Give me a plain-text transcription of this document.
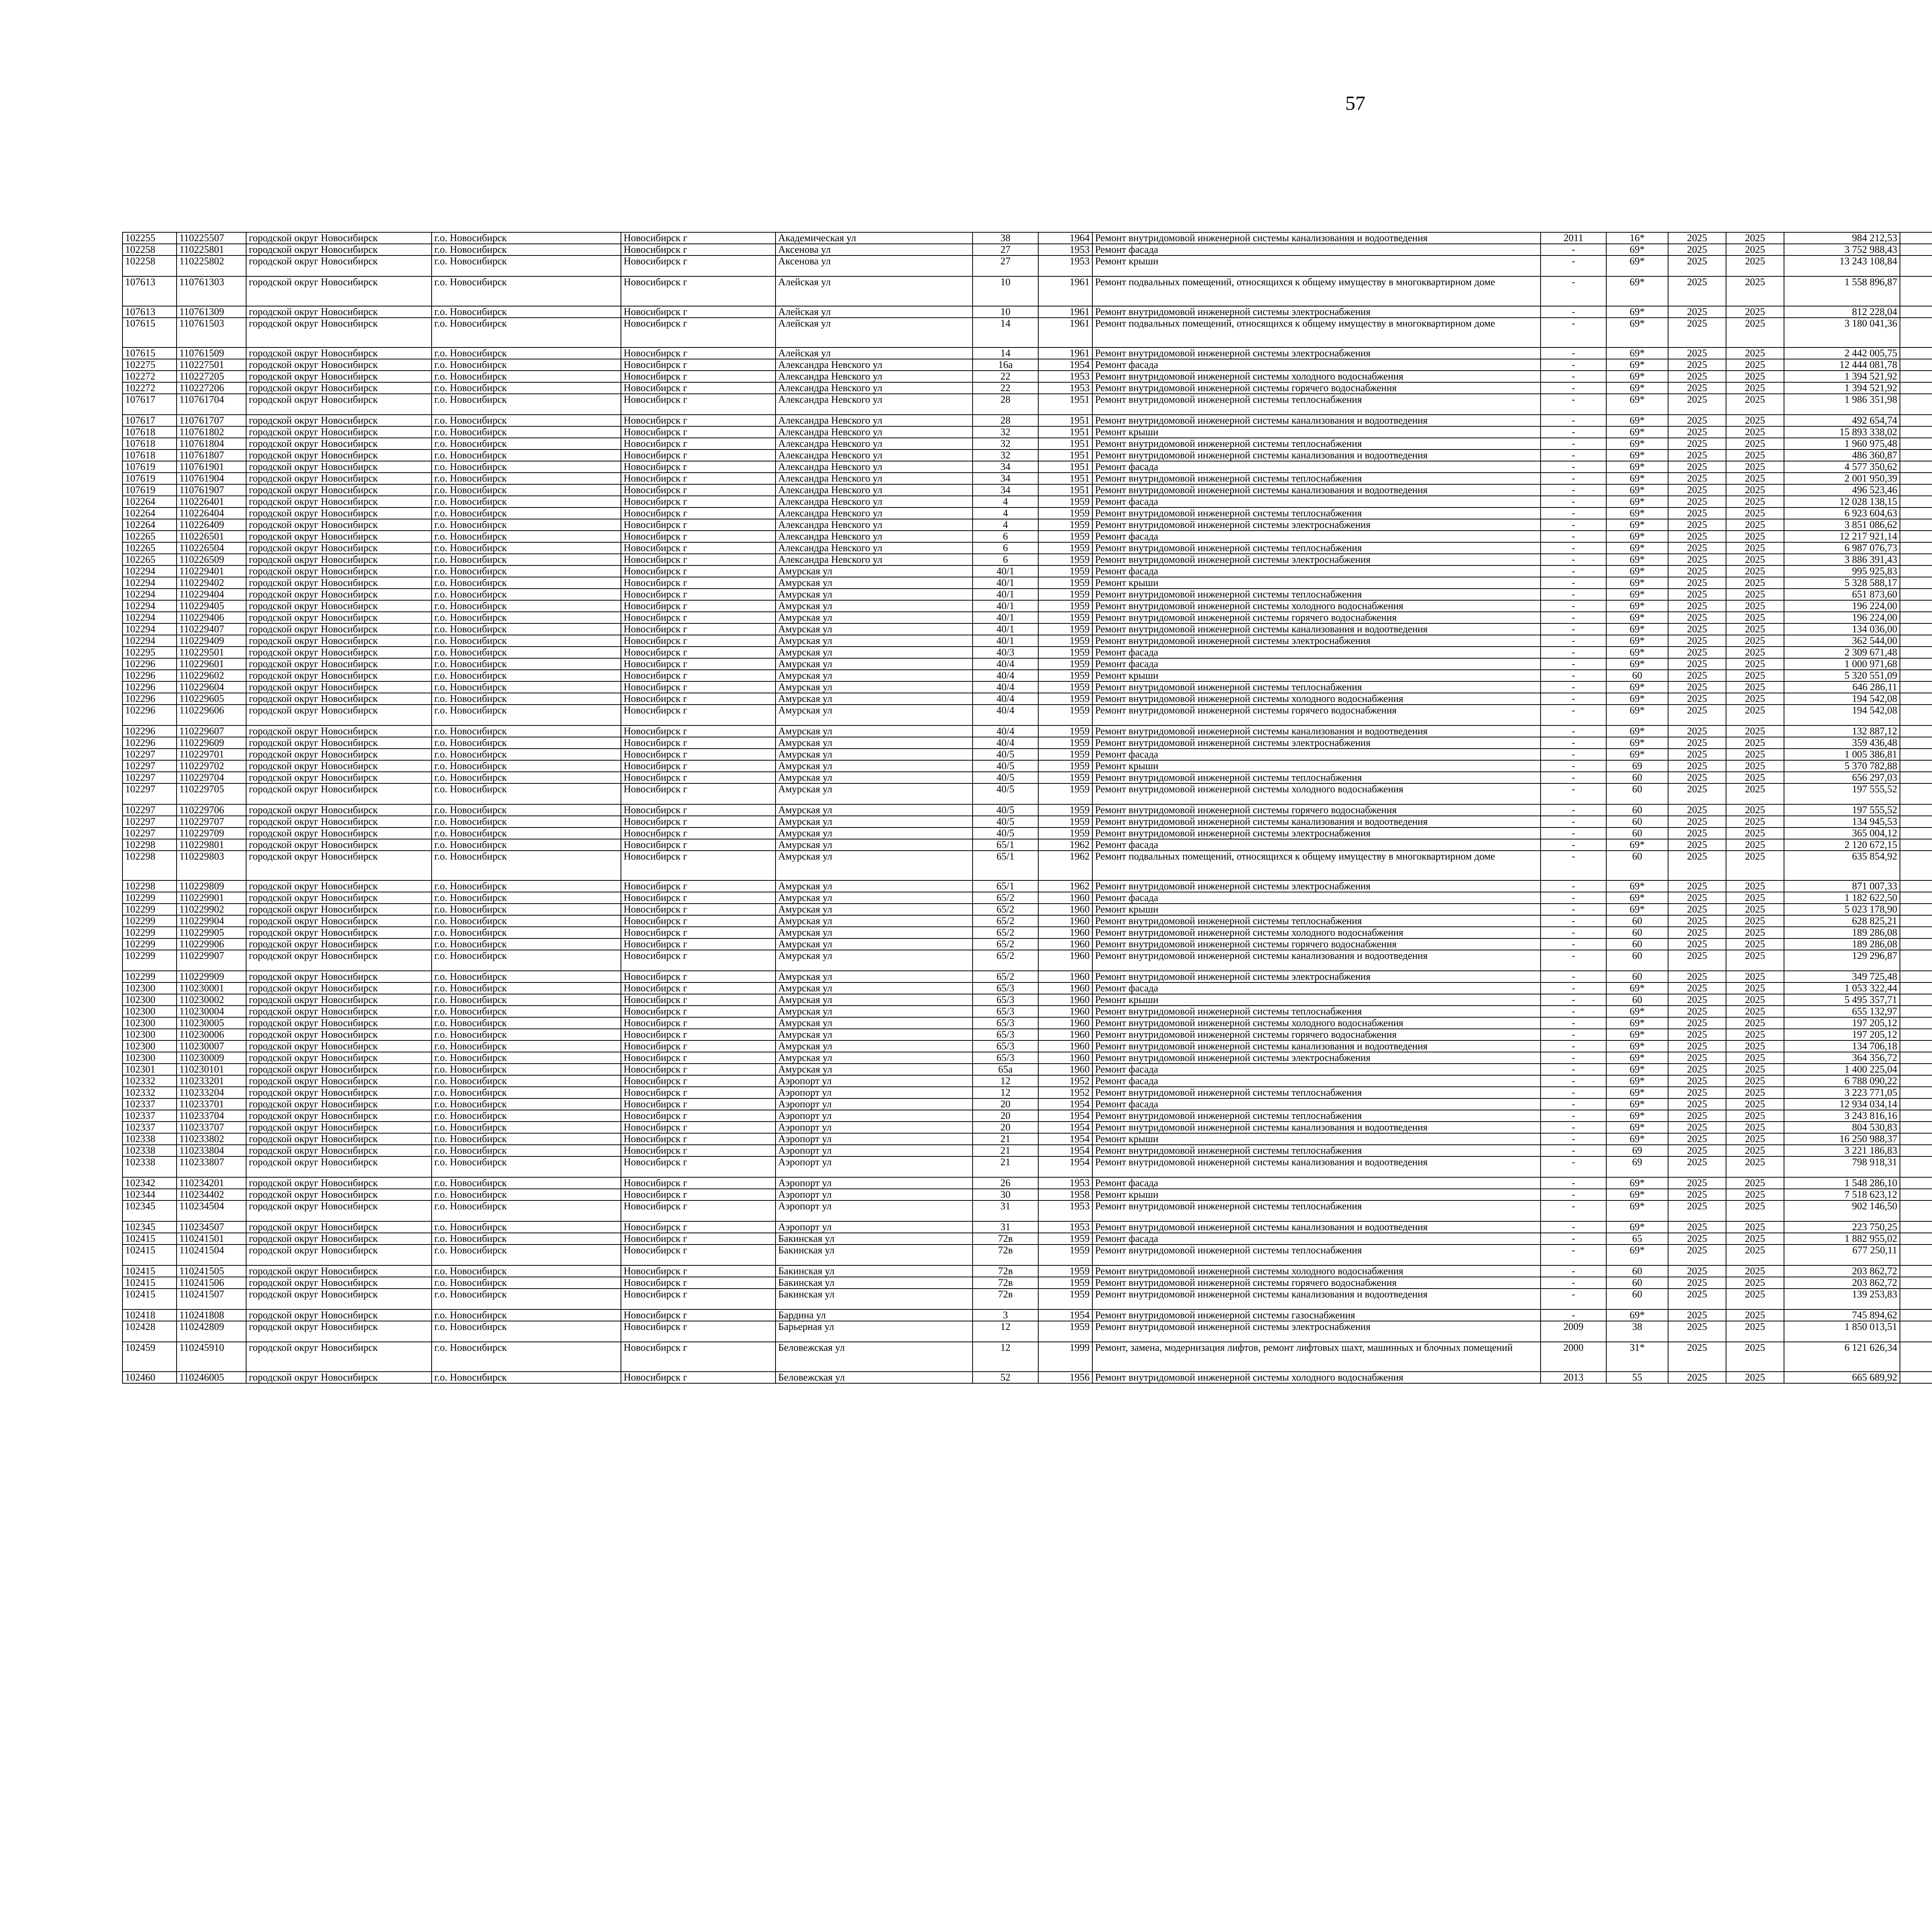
57
102255	110225507	городской округ Новосибирск	г.о. Новосибирск	Новосибирск г	Академическая ул	38	1964	Ремонт внутридомовой инженерной системы канализования и водоотведения	2011	16*	2025	2025	984 212,53							
102258	110225801	городской округ Новосибирск	г.о. Новосибирск	Новосибирск г	Аксенова ул	27	1953	Ремонт фасада	-	69*	2025	2025	3 752 988,43							
102258	110225802	городской округ Новосибирск	г.о. Новосибирск	Новосибирск г	Аксенова ул	27	1953	Ремонт крыши	-	69*	2025	2025	13 243 108,84							
107613	110761303	городской округ Новосибирск	г.о. Новосибирск	Новосибирск г	Алейская ул	10	1961	Ремонт подвальных помещений, относящихся к общему имуществу в многоквартирном доме	-	69*	2025	2025	1 558 896,87							
107613	110761309	городской округ Новосибирск	г.о. Новосибирск	Новосибирск г	Алейская ул	10	1961	Ремонт внутридомовой инженерной системы электроснабжения	-	69*	2025	2025	812 228,04							
107615	110761503	городской округ Новосибирск	г.о. Новосибирск	Новосибирск г	Алейская ул	14	1961	Ремонт подвальных помещений, относящихся к общему имуществу в многоквартирном доме	-	69*	2025	2025	3 180 041,36							
107615	110761509	городской округ Новосибирск	г.о. Новосибирск	Новосибирск г	Алейская ул	14	1961	Ремонт внутридомовой инженерной системы электроснабжения	-	69*	2025	2025	2 442 005,75							
102275	110227501	городской округ Новосибирск	г.о. Новосибирск	Новосибирск г	Александра Невского ул	16а	1954	Ремонт фасада	-	69*	2025	2025	12 444 081,78							
102272	110227205	городской округ Новосибирск	г.о. Новосибирск	Новосибирск г	Александра Невского ул	22	1953	Ремонт внутридомовой инженерной системы холодного водоснабжения	-	69*	2025	2025	1 394 521,92							
102272	110227206	городской округ Новосибирск	г.о. Новосибирск	Новосибирск г	Александра Невского ул	22	1953	Ремонт внутридомовой инженерной системы горячего водоснабжения	-	69*	2025	2025	1 394 521,92							
107617	110761704	городской округ Новосибирск	г.о. Новосибирск	Новосибирск г	Александра Невского ул	28	1951	Ремонт внутридомовой инженерной системы теплоснабжения	-	69*	2025	2025	1 986 351,98							
107617	110761707	городской округ Новосибирск	г.о. Новосибирск	Новосибирск г	Александра Невского ул	28	1951	Ремонт внутридомовой инженерной системы канализования и водоотведения	-	69*	2025	2025	492 654,74							
107618	110761802	городской округ Новосибирск	г.о. Новосибирск	Новосибирск г	Александра Невского ул	32	1951	Ремонт крыши	-	69*	2025	2025	15 893 338,02							
107618	110761804	городской округ Новосибирск	г.о. Новосибирск	Новосибирск г	Александра Невского ул	32	1951	Ремонт внутридомовой инженерной системы теплоснабжения	-	69*	2025	2025	1 960 975,48							
107618	110761807	городской округ Новосибирск	г.о. Новосибирск	Новосибирск г	Александра Невского ул	32	1951	Ремонт внутридомовой инженерной системы канализования и водоотведения	-	69*	2025	2025	486 360,87							
107619	110761901	городской округ Новосибирск	г.о. Новосибирск	Новосибирск г	Александра Невского ул	34	1951	Ремонт фасада	-	69*	2025	2025	4 577 350,62							
107619	110761904	городской округ Новосибирск	г.о. Новосибирск	Новосибирск г	Александра Невского ул	34	1951	Ремонт внутридомовой инженерной системы теплоснабжения	-	69*	2025	2025	2 001 950,39							
107619	110761907	городской округ Новосибирск	г.о. Новосибирск	Новосибирск г	Александра Невского ул	34	1951	Ремонт внутридомовой инженерной системы канализования и водоотведения	-	69*	2025	2025	496 523,46							
102264	110226401	городской округ Новосибирск	г.о. Новосибирск	Новосибирск г	Александра Невского ул	4	1959	Ремонт фасада	-	69*	2025	2025	12 028 138,15							
102264	110226404	городской округ Новосибирск	г.о. Новосибирск	Новосибирск г	Александра Невского ул	4	1959	Ремонт внутридомовой инженерной системы теплоснабжения	-	69*	2025	2025	6 923 604,63							
102264	110226409	городской округ Новосибирск	г.о. Новосибирск	Новосибирск г	Александра Невского ул	4	1959	Ремонт внутридомовой инженерной системы электроснабжения	-	69*	2025	2025	3 851 086,62							
102265	110226501	городской округ Новосибирск	г.о. Новосибирск	Новосибирск г	Александра Невского ул	6	1959	Ремонт фасада	-	69*	2025	2025	12 217 921,14							
102265	110226504	городской округ Новосибирск	г.о. Новосибирск	Новосибирск г	Александра Невского ул	6	1959	Ремонт внутридомовой инженерной системы теплоснабжения	-	69*	2025	2025	6 987 076,73							
102265	110226509	городской округ Новосибирск	г.о. Новосибирск	Новосибирск г	Александра Невского ул	6	1959	Ремонт внутридомовой инженерной системы электроснабжения	-	69*	2025	2025	3 886 391,43							
102294	110229401	городской округ Новосибирск	г.о. Новосибирск	Новосибирск г	Амурская ул	40/1	1959	Ремонт фасада	-	69*	2025	2025	995 925,83							
102294	110229402	городской округ Новосибирск	г.о. Новосибирск	Новосибирск г	Амурская ул	40/1	1959	Ремонт крыши	-	69*	2025	2025	5 328 588,17							
102294	110229404	городской округ Новосибирск	г.о. Новосибирск	Новосибирск г	Амурская ул	40/1	1959	Ремонт внутридомовой инженерной системы теплоснабжения	-	69*	2025	2025	651 873,60							
102294	110229405	городской округ Новосибирск	г.о. Новосибирск	Новосибирск г	Амурская ул	40/1	1959	Ремонт внутридомовой инженерной системы холодного водоснабжения	-	69*	2025	2025	196 224,00							
102294	110229406	городской округ Новосибирск	г.о. Новосибирск	Новосибирск г	Амурская ул	40/1	1959	Ремонт внутридомовой инженерной системы горячего водоснабжения	-	69*	2025	2025	196 224,00							
102294	110229407	городской округ Новосибирск	г.о. Новосибирск	Новосибирск г	Амурская ул	40/1	1959	Ремонт внутридомовой инженерной системы канализования и водоотведения	-	69*	2025	2025	134 036,00							
102294	110229409	городской округ Новосибирск	г.о. Новосибирск	Новосибирск г	Амурская ул	40/1	1959	Ремонт внутридомовой инженерной системы электроснабжения	-	69*	2025	2025	362 544,00							
102295	110229501	городской округ Новосибирск	г.о. Новосибирск	Новосибирск г	Амурская ул	40/3	1959	Ремонт фасада	-	69*	2025	2025	2 309 671,48							
102296	110229601	городской округ Новосибирск	г.о. Новосибирск	Новосибирск г	Амурская ул	40/4	1959	Ремонт фасада	-	69*	2025	2025	1 000 971,68							
102296	110229602	городской округ Новосибирск	г.о. Новосибирск	Новосибирск г	Амурская ул	40/4	1959	Ремонт крыши	-	60	2025	2025	5 320 551,09							
102296	110229604	городской округ Новосибирск	г.о. Новосибирск	Новосибирск г	Амурская ул	40/4	1959	Ремонт внутридомовой инженерной системы теплоснабжения	-	69*	2025	2025	646 286,11							
102296	110229605	городской округ Новосибирск	г.о. Новосибирск	Новосибирск г	Амурская ул	40/4	1959	Ремонт внутридомовой инженерной системы холодного водоснабжения	-	69*	2025	2025	194 542,08							
102296	110229606	городской округ Новосибирск	г.о. Новосибирск	Новосибирск г	Амурская ул	40/4	1959	Ремонт внутридомовой инженерной системы горячего водоснабжения	-	69*	2025	2025	194 542,08							
102296	110229607	городской округ Новосибирск	г.о. Новосибирск	Новосибирск г	Амурская ул	40/4	1959	Ремонт внутридомовой инженерной системы канализования и водоотведения	-	69*	2025	2025	132 887,12							
102296	110229609	городской округ Новосибирск	г.о. Новосибирск	Новосибирск г	Амурская ул	40/4	1959	Ремонт внутридомовой инженерной системы электроснабжения	-	69*	2025	2025	359 436,48							
102297	110229701	городской округ Новосибирск	г.о. Новосибирск	Новосибирск г	Амурская ул	40/5	1959	Ремонт фасада	-	69*	2025	2025	1 005 386,81							
102297	110229702	городской округ Новосибирск	г.о. Новосибирск	Новосибирск г	Амурская ул	40/5	1959	Ремонт крыши	-	69	2025	2025	5 370 782,88							
102297	110229704	городской округ Новосибирск	г.о. Новосибирск	Новосибирск г	Амурская ул	40/5	1959	Ремонт внутридомовой инженерной системы теплоснабжения	-	60	2025	2025	656 297,03							
102297	110229705	городской округ Новосибирск	г.о. Новосибирск	Новосибирск г	Амурская ул	40/5	1959	Ремонт внутридомовой инженерной системы холодного водоснабжения	-	60	2025	2025	197 555,52							
102297	110229706	городской округ Новосибирск	г.о. Новосибирск	Новосибирск г	Амурская ул	40/5	1959	Ремонт внутридомовой инженерной системы горячего водоснабжения	-	60	2025	2025	197 555,52							
102297	110229707	городской округ Новосибирск	г.о. Новосибирск	Новосибирск г	Амурская ул	40/5	1959	Ремонт внутридомовой инженерной системы канализования и водоотведения	-	60	2025	2025	134 945,53							
102297	110229709	городской округ Новосибирск	г.о. Новосибирск	Новосибирск г	Амурская ул	40/5	1959	Ремонт внутридомовой инженерной системы электроснабжения	-	60	2025	2025	365 004,12							
102298	110229801	городской округ Новосибирск	г.о. Новосибирск	Новосибирск г	Амурская ул	65/1	1962	Ремонт фасада	-	69*	2025	2025	2 120 672,15							
102298	110229803	городской округ Новосибирск	г.о. Новосибирск	Новосибирск г	Амурская ул	65/1	1962	Ремонт подвальных помещений, относящихся к общему имуществу в многоквартирном доме	-	60	2025	2025	635 854,92							
102298	110229809	городской округ Новосибирск	г.о. Новосибирск	Новосибирск г	Амурская ул	65/1	1962	Ремонт внутридомовой инженерной системы электроснабжения	-	69*	2025	2025	871 007,33							
102299	110229901	городской округ Новосибирск	г.о. Новосибирск	Новосибирск г	Амурская ул	65/2	1960	Ремонт фасада	-	69*	2025	2025	1 182 622,50							
102299	110229902	городской округ Новосибирск	г.о. Новосибирск	Новосибирск г	Амурская ул	65/2	1960	Ремонт крыши	-	69*	2025	2025	5 023 178,90							
102299	110229904	городской округ Новосибирск	г.о. Новосибирск	Новосибирск г	Амурская ул	65/2	1960	Ремонт внутридомовой инженерной системы теплоснабжения	-	60	2025	2025	628 825,21							
102299	110229905	городской округ Новосибирск	г.о. Новосибирск	Новосибирск г	Амурская ул	65/2	1960	Ремонт внутридомовой инженерной системы холодного водоснабжения	-	60	2025	2025	189 286,08							
102299	110229906	городской округ Новосибирск	г.о. Новосибирск	Новосибирск г	Амурская ул	65/2	1960	Ремонт внутридомовой инженерной системы горячего водоснабжения	-	60	2025	2025	189 286,08							
102299	110229907	городской округ Новосибирск	г.о. Новосибирск	Новосибирск г	Амурская ул	65/2	1960	Ремонт внутридомовой инженерной системы канализования и водоотведения	-	60	2025	2025	129 296,87							
102299	110229909	городской округ Новосибирск	г.о. Новосибирск	Новосибирск г	Амурская ул	65/2	1960	Ремонт внутридомовой инженерной системы электроснабжения	-	60	2025	2025	349 725,48							
102300	110230001	городской округ Новосибирск	г.о. Новосибирск	Новосибирск г	Амурская ул	65/3	1960	Ремонт фасада	-	69*	2025	2025	1 053 322,44							
102300	110230002	городской округ Новосибирск	г.о. Новосибирск	Новосибирск г	Амурская ул	65/3	1960	Ремонт крыши	-	60	2025	2025	5 495 357,71							
102300	110230004	городской округ Новосибирск	г.о. Новосибирск	Новосибирск г	Амурская ул	65/3	1960	Ремонт внутридомовой инженерной системы теплоснабжения	-	69*	2025	2025	655 132,97							
102300	110230005	городской округ Новосибирск	г.о. Новосибирск	Новосибирск г	Амурская ул	65/3	1960	Ремонт внутридомовой инженерной системы холодного водоснабжения	-	69*	2025	2025	197 205,12							
102300	110230006	городской округ Новосибирск	г.о. Новосибирск	Новосибирск г	Амурская ул	65/3	1960	Ремонт внутридомовой инженерной системы горячего водоснабжения	-	69*	2025	2025	197 205,12							
102300	110230007	городской округ Новосибирск	г.о. Новосибирск	Новосибирск г	Амурская ул	65/3	1960	Ремонт внутридомовой инженерной системы канализования и водоотведения	-	69*	2025	2025	134 706,18							
102300	110230009	городской округ Новосибирск	г.о. Новосибирск	Новосибирск г	Амурская ул	65/3	1960	Ремонт внутридомовой инженерной системы электроснабжения	-	69*	2025	2025	364 356,72							
102301	110230101	городской округ Новосибирск	г.о. Новосибирск	Новосибирск г	Амурская ул	65а	1960	Ремонт фасада	-	69*	2025	2025	1 400 225,04							
102332	110233201	городской округ Новосибирск	г.о. Новосибирск	Новосибирск г	Аэропорт ул	12	1952	Ремонт фасада	-	69*	2025	2025	6 788 090,22							
102332	110233204	городской округ Новосибирск	г.о. Новосибирск	Новосибирск г	Аэропорт ул	12	1952	Ремонт внутридомовой инженерной системы теплоснабжения	-	69*	2025	2025	3 223 771,05							
102337	110233701	городской округ Новосибирск	г.о. Новосибирск	Новосибирск г	Аэропорт ул	20	1954	Ремонт фасада	-	69*	2025	2025	12 934 034,14							
102337	110233704	городской округ Новосибирск	г.о. Новосибирск	Новосибирск г	Аэропорт ул	20	1954	Ремонт внутридомовой инженерной системы теплоснабжения	-	69*	2025	2025	3 243 816,16							
102337	110233707	городской округ Новосибирск	г.о. Новосибирск	Новосибирск г	Аэропорт ул	20	1954	Ремонт внутридомовой инженерной системы канализования и водоотведения	-	69*	2025	2025	804 530,83							
102338	110233802	городской округ Новосибирск	г.о. Новосибирск	Новосибирск г	Аэропорт ул	21	1954	Ремонт крыши	-	69*	2025	2025	16 250 988,37							
102338	110233804	городской округ Новосибирск	г.о. Новосибирск	Новосибирск г	Аэропорт ул	21	1954	Ремонт внутридомовой инженерной системы теплоснабжения	-	69	2025	2025	3 221 186,83							
102338	110233807	городской округ Новосибирск	г.о. Новосибирск	Новосибирск г	Аэропорт ул	21	1954	Ремонт внутридомовой инженерной системы канализования и водоотведения	-	69	2025	2025	798 918,31							
102342	110234201	городской округ Новосибирск	г.о. Новосибирск	Новосибирск г	Аэропорт ул	26	1953	Ремонт фасада	-	69*	2025	2025	1 548 286,10							
102344	110234402	городской округ Новосибирск	г.о. Новосибирск	Новосибирск г	Аэропорт ул	30	1958	Ремонт крыши	-	69*	2025	2025	7 518 623,12							
102345	110234504	городской округ Новосибирск	г.о. Новосибирск	Новосибирск г	Аэропорт ул	31	1953	Ремонт внутридомовой инженерной системы теплоснабжения	-	69*	2025	2025	902 146,50							
102345	110234507	городской округ Новосибирск	г.о. Новосибирск	Новосибирск г	Аэропорт ул	31	1953	Ремонт внутридомовой инженерной системы канализования и водоотведения	-	69*	2025	2025	223 750,25							
102415	110241501	городской округ Новосибирск	г.о. Новосибирск	Новосибирск г	Бакинская ул	72в	1959	Ремонт фасада	-	65	2025	2025	1 882 955,02							
102415	110241504	городской округ Новосибирск	г.о. Новосибирск	Новосибирск г	Бакинская ул	72в	1959	Ремонт внутридомовой инженерной системы теплоснабжения	-	69*	2025	2025	677 250,11							
102415	110241505	городской округ Новосибирск	г.о. Новосибирск	Новосибирск г	Бакинская ул	72в	1959	Ремонт внутридомовой инженерной системы холодного водоснабжения	-	60	2025	2025	203 862,72							
102415	110241506	городской округ Новосибирск	г.о. Новосибирск	Новосибирск г	Бакинская ул	72в	1959	Ремонт внутридомовой инженерной системы горячего водоснабжения	-	60	2025	2025	203 862,72							
102415	110241507	городской округ Новосибирск	г.о. Новосибирск	Новосибирск г	Бакинская ул	72в	1959	Ремонт внутридомовой инженерной системы канализования и водоотведения	-	60	2025	2025	139 253,83							
102418	110241808	городской округ Новосибирск	г.о. Новосибирск	Новосибирск г	Бардина ул	3	1954	Ремонт внутридомовой инженерной системы газоснабжения	-	69*	2025	2025	745 894,62							
102428	110242809	городской округ Новосибирск	г.о. Новосибирск	Новосибирск г	Барьерная ул	12	1959	Ремонт внутридомовой инженерной системы электроснабжения	2009	38	2025	2025	1 850 013,51							
102459	110245910	городской округ Новосибирск	г.о. Новосибирск	Новосибирск г	Беловежская ул	12	1999	Ремонт, замена, модернизация лифтов, ремонт лифтовых шахт, машинных и блочных помещений	2000	31*	2025	2025	6 121 626,34							
102460	110246005	городской округ Новосибирск	г.о. Новосибирск	Новосибирск г	Беловежская ул	52	1956	Ремонт внутридомовой инженерной системы холодного водоснабжения	2013	55	2025	2025	665 689,92							
